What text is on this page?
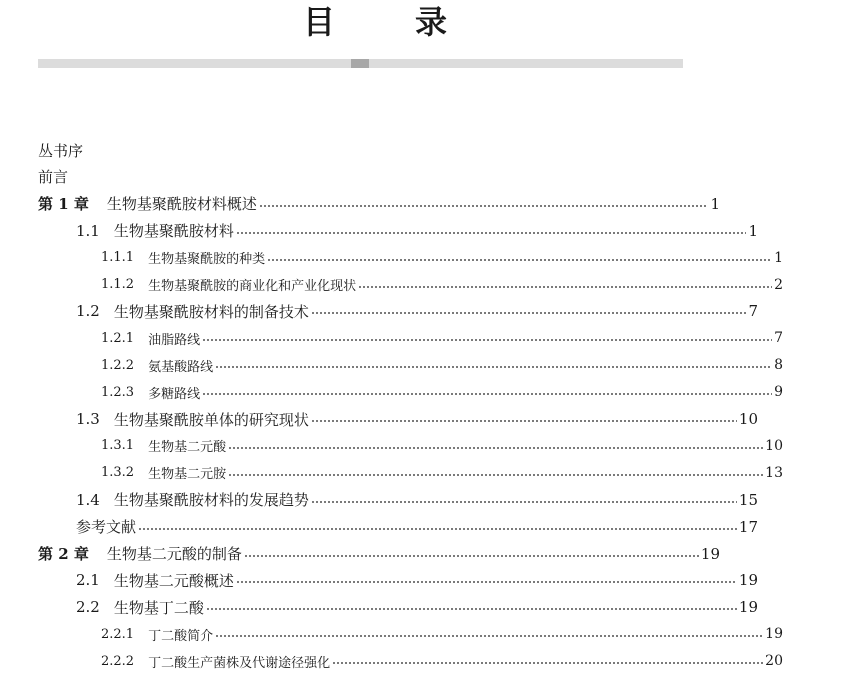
目	录
丛书序
前言
第 1 章 生物基聚酰胺材料概述	1
1.1 生物基聚酰胺材料	1
1.1.1 生物基聚酰胺的种类	1
1.1.2 生物基聚酰胺的商业化和产业化现状	2
1.2 生物基聚酰胺材料的制备技术	7
1.2.1 油脂路线	7
1.2.2 氨基酸路线	8
1.2.3 多糖路线	9
1.3 生物基聚酰胺单体的研究现状	10
1.3.1 生物基二元酸	10
1.3.2 生物基二元胺	13
1.4 生物基聚酰胺材料的发展趋势	15
参考文献	17
第 2 章 生物基二元酸的制备	19
2.1 生物基二元酸概述	19
2.2 生物基丁二酸	19
2.2.1 丁二酸简介	19
2.2.2 丁二酸生产菌株及代谢途径强化	20
